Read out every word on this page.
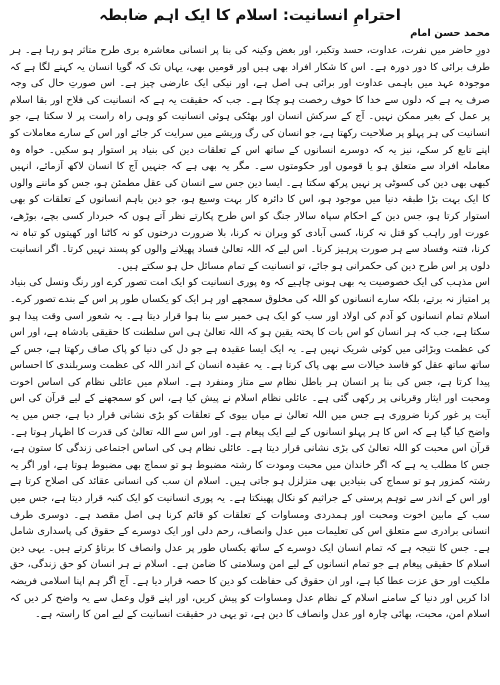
احترامِ انسانیت: اسلام کا ایک اہم ضابطہ
محمد حسن امام

دورِ حاضر میں نفرت، عداوت، حسد وتکبر، اور بغض وکینہ کی بنا پر انسانی معاشرہ بری طرح متاثر ہو رہا ہے۔ ہر طرف برائی کا دور دورہ ہے۔ اس کا شکار افراد بھی ہیں اور قومیں بھی، یہاں تک کہ گویا انسان یہ کہنے لگا ہے کہ موجودہ عہد میں باہمی عداوت اور برائی ہی اصل ہے، اور نیکی ایک عارضی چیز ہے۔ اس صورتِ حال کی وجہ صرف یہ ہے کہ دلوں سے خدا کا خوف رخصت ہو چکا ہے۔ جب کہ حقیقت یہ ہے کہ انسانیت کی فلاح اور بقا اسلام پر عمل کے بغیر ممکن نہیں۔ آج کے سرکش انسان اور بھٹکی ہوئی انسانیت کو وہی راہ راست پر لا سکتا ہے، جو انسانیت کی ہر پہلو پر صلاحیت رکھتا ہے، جو انسان کی رگ وریشے میں سرایت کر جائے اور اس کے سارے معاملات کو اپنے تابع کر سکے، نیز یہ کہ دوسرے انسانوں کے ساتھ اس کے تعلقات دین کی بنیاد پر استوار ہو سکیں۔ خواہ وہ معاملہ افراد سے متعلق ہو یا قوموں اور حکومتوں سے۔ مگر یہ بھی ہے کہ جنہیں آج کا انسان لاکھ آزمائے، انہیں کبھی بھی دین کی کسوٹی پر نہیں پرکھ سکتا ہے۔ ایسا دین جس سے انسان کی عقل مطمئن ہو، جس کو ماننے والوں کا ایک بہت بڑا طبقہ دنیا میں موجود ہو، اس کا دائرہ کار بہت وسیع ہو، جو دین باہم انسانوں کے تعلقات کو بھی استوار کرتا ہو، جس دین کے احکام سپاہ سالار جنگ کو اس طرح پکارتے نظر آتے ہوں کہ خبردار کسی بچے، بوڑھے، عورت اور راہب کو قتل نہ کرنا، کسی آبادی کو ویران نہ کرنا، بلا ضرورت درختوں کو نہ کاٹنا اور کھیتوں کو تباہ نہ کرنا، فتنہ وفساد سے ہر صورت پرہیز کرنا۔ اس لیے کہ اللہ تعالیٰ فساد پھیلانے والوں کو پسند نہیں کرتا۔ اگر انسانیت دلوں پر اس طرح دین کی حکمرانی ہو جائے، تو انسانیت کے تمام مسائل حل ہو سکتے ہیں۔

اس مذہب کی ایک خصوصیت یہ بھی ہونی چاہیے کہ وہ پوری انسانیت کو ایک امت تصور کرے اور رنگ ونسل کی بنیاد پر امتیاز نہ برتے، بلکہ سارے انسانوں کو اللہ کی مخلوق سمجھے اور ہر ایک کو یکساں طور پر اس کے بندے تصور کرے۔ اسلام تمام انسانوں کو آدم کی اولاد اور سب کو ایک ہی خمیر سے بنا ہوا قرار دیتا ہے۔ یہ شعور اسی وقت پیدا ہو سکتا ہے، جب کہ ہر انسان کو اس بات کا پختہ یقین ہو کہ اللہ تعالیٰ ہی اس سلطنت کا حقیقی بادشاہ ہے، اور اس کی عظمت وبڑائی میں کوئی شریک نہیں ہے۔ یہ ایک ایسا عقیدہ ہے جو دل کی دنیا کو پاک صاف رکھتا ہے، جس کے ساتھ ساتھ عقل کو فاسد خیالات سے بھی پاک کرتا ہے۔ یہ عقیدہ انسان کے اندر اللہ کی عظمت وسربلندی کا احساس پیدا کرتا ہے، جس کی بنا پر انسان ہر باطل نظام سے متاز ومنفرد ہے۔ اسلام میں عائلی نظام کی اساس اخوت ومحبت اور ایثار وقربانی پر رکھی گئی ہے۔ عائلی نظام اسلام نے پیش کیا ہے، اس کو سمجھنے کے لیے قرآن کی اس آیت پر غور کرنا ضروری ہے جس میں اللہ تعالیٰ نے میاں بیوی کے تعلقات کو بڑی نشانی قرار دیا ہے، جس میں یہ واضح کیا گیا ہے کہ اس کا ہر پہلو انسانوں کے لیے ایک پیغام ہے۔ اور اس سے اللہ تعالیٰ کی قدرت کا اظہار ہوتا ہے۔ قرآن اس محبت کو اللہ تعالیٰ کی بڑی نشانی قرار دیتا ہے۔ عائلی نظام ہی کی اساس اجتماعی زندگی کا ستون ہے، جس کا مطلب یہ ہے کہ اگر خاندان میں محبت ومودت کا رشتہ مضبوط ہو تو سماج بھی مضبوط ہوتا ہے، اور اگر یہ رشتہ کمزور ہو تو سماج کی بنیادیں بھی متزلزل ہو جاتی ہیں۔ اسلام ان سب کی انسانی عقائد کی اصلاح کرتا ہے اور اس کے اندر سے توہم پرستی کے جراثیم کو نکال پھینکتا ہے۔ یہ پوری انسانیت کو ایک کنبہ قرار دیتا ہے، جس میں سب کے مابین اخوت ومحبت اور ہمدردی ومساوات کے تعلقات کو قائم کرنا ہی اصل مقصد ہے۔ دوسری طرف انسانی برادری سے متعلق اس کی تعلیمات میں عدل وانصاف، رحم دلی اور ایک دوسرے کے حقوق کی پاسداری شامل ہے۔ جس کا نتیجہ ہے کہ تمام انسان ایک دوسرے کے ساتھ یکساں طور پر عدل وانصاف کا برتاؤ کرتے ہیں۔ یہی دین اسلام کا حقیقی پیغام ہے جو تمام انسانوں کے لیے امن وسلامتی کا ضامن ہے۔ اسلام نے ہر انسان کو حق زندگی، حق ملکیت اور حق عزت عطا کیا ہے، اور ان حقوق کی حفاظت کو دین کا حصہ قرار دیا ہے۔ آج اگر ہم اپنا اسلامی فریضہ ادا کریں اور دنیا کے سامنے اسلام کے نظام عدل ومساوات کو پیش کریں، اور اپنے قول وعمل سے یہ واضح کر دیں کہ اسلام امن، محبت، بھائی چارہ اور عدل وانصاف کا دین ہے، تو یہی در حقیقت انسانیت کے لیے امن کا راستہ ہے۔
